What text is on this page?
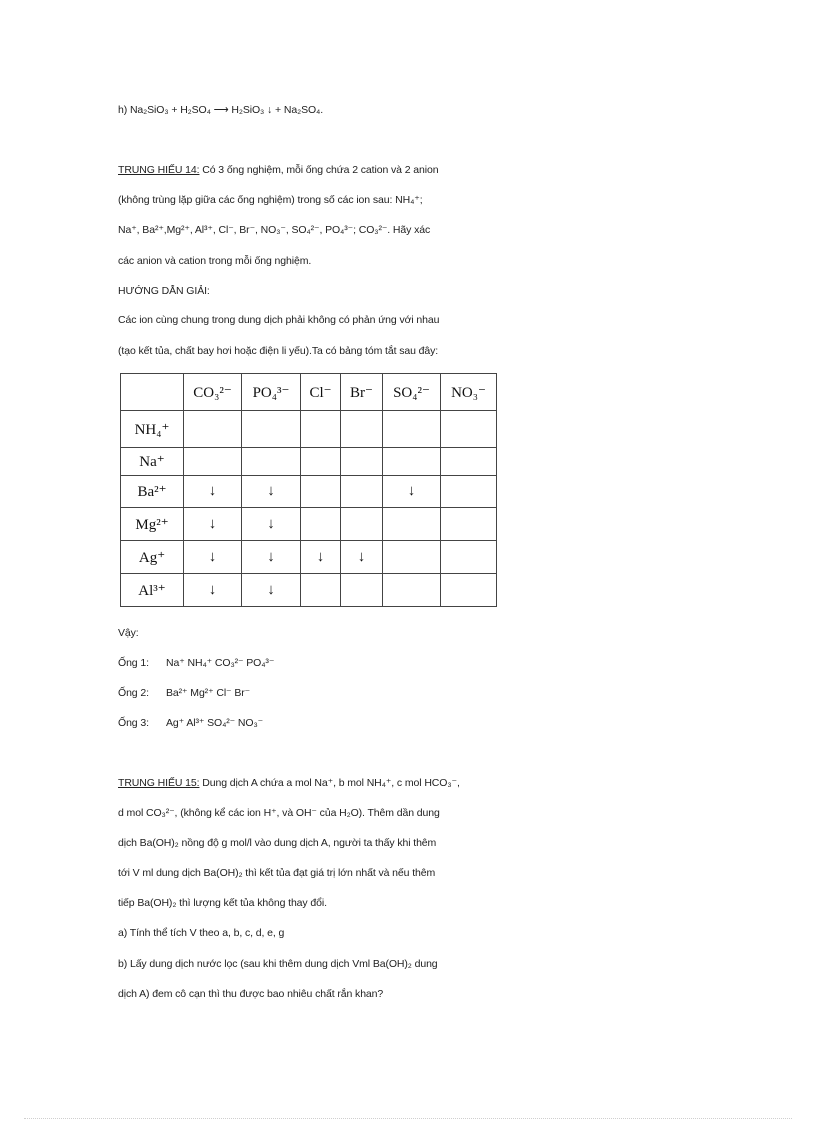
h) Na₂SiO₃ + H₂SO₄ ⟶ H₂SiO₃ ↓ + Na₂SO₄.
TRUNG HIẾU 14: Có 3 ống nghiệm, mỗi ống chứa 2 cation và 2 anion
(không trùng lặp giữa các ống nghiệm) trong số các ion sau: NH₄⁺;
Na⁺, Ba²⁺,Mg²⁺, Al³⁺, Cl⁻, Br⁻, NO₃⁻, SO₄²⁻, PO₄³⁻; CO₃²⁻. Hãy xác
các anion và cation trong mỗi ống nghiệm.
HƯỚNG DẪN GIẢI:
Các ion cùng chung trong dung dịch phải không có phản ứng với nhau
(tạo kết tủa, chất bay hơi hoặc điện li yếu).Ta có bảng tóm tắt sau đây:
	CO₃²⁻	PO₄³⁻	Cl⁻	Br⁻	SO₄²⁻	NO₃⁻
NH₄⁺						
Na⁺						
Ba²⁺	↓	↓			↓	
Mg²⁺	↓	↓				
Ag⁺	↓	↓	↓	↓		
Al³⁺	↓	↓				
Vậy:
Ống 1: Na⁺ NH₄⁺ CO₃²⁻ PO₄³⁻
Ống 2: Ba²⁺ Mg²⁺ Cl⁻ Br⁻
Ống 3: Ag⁺ Al³⁺ SO₄²⁻ NO₃⁻
TRUNG HIẾU 15: Dung dịch A chứa a mol Na⁺, b mol NH₄⁺, c mol HCO₃⁻,
d mol CO₃²⁻, (không kể các ion H⁺, và OH⁻ của H₂O). Thêm dần dung
dịch Ba(OH)₂ nồng độ g mol/l vào dung dịch A, người ta thấy khi thêm
tới V ml dung dịch Ba(OH)₂ thì kết tủa đạt giá trị lớn nhất và nếu thêm
tiếp Ba(OH)₂ thì lượng kết tủa không thay đổi.
a) Tính thể tích V theo a, b, c, d, e, g
b) Lấy dung dịch nước lọc (sau khi thêm dung dịch Vml Ba(OH)₂ dung
dịch A) đem cô cạn thì thu được bao nhiêu chất rắn khan?
